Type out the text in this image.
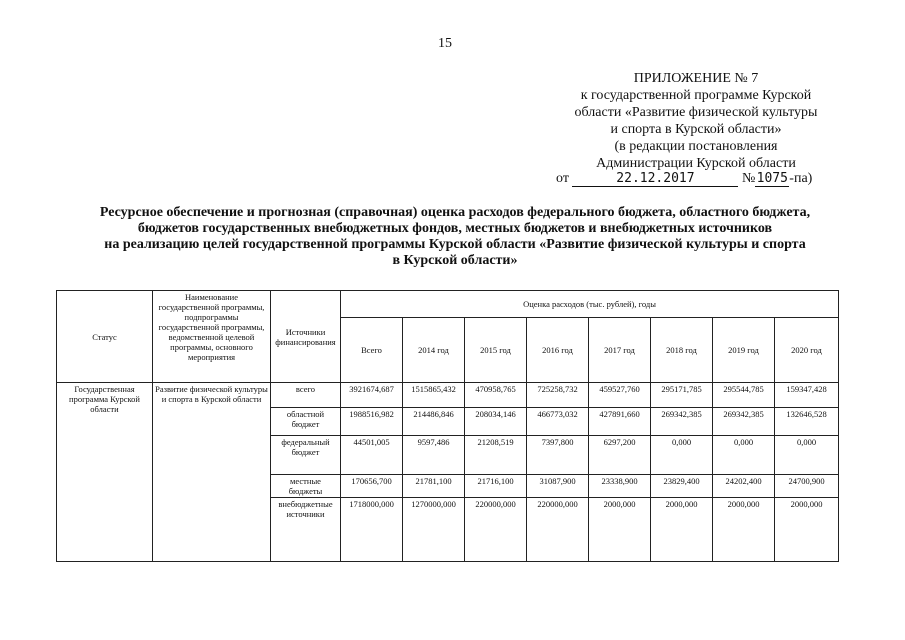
15
ПРИЛОЖЕНИЕ № 7
к государственной программе Курской
области «Развитие физической культуры
и спорта в Курской области»
(в редакции постановления
Администрации Курской области
от	22.12.2017	№1075-па)
Ресурсное обеспечение и прогнозная (справочная) оценка расходов федерального бюджета, областного бюджета,
бюджетов государственных внебюджетных фондов, местных бюджетов и внебюджетных источников
на реализацию целей государственной программы Курской области «Развитие физической культуры и спорта
в Курской области»
Статус	Наименование государственной программы, подпрограммы государственной программы, ведомственной целевой программы, основного мероприятия	Источники финансирования	Оценка расходов (тыс. рублей), годы							
			Всего	2014 год	2015 год	2016 год	2017 год	2018 год	2019 год	2020 год
Государственная программа Курской области	Развитие физической культуры и спорта в Курской области	всего	3921674,687	1515865,432	470958,765	725258,732	459527,760	295171,785	295544,785	159347,428
		областной бюджет	1988516,982	214486,846	208034,146	466773,032	427891,660	269342,385	269342,385	132646,528
		федеральный бюджет	44501,005	9597,486	21208,519	7397,800	6297,200	0,000	0,000	0,000
		местные бюджеты	170656,700	21781,100	21716,100	31087,900	23338,900	23829,400	24202,400	24700,900
		внебюджетные источники	1718000,000	1270000,000	220000,000	220000,000	2000,000	2000,000	2000,000	2000,000
